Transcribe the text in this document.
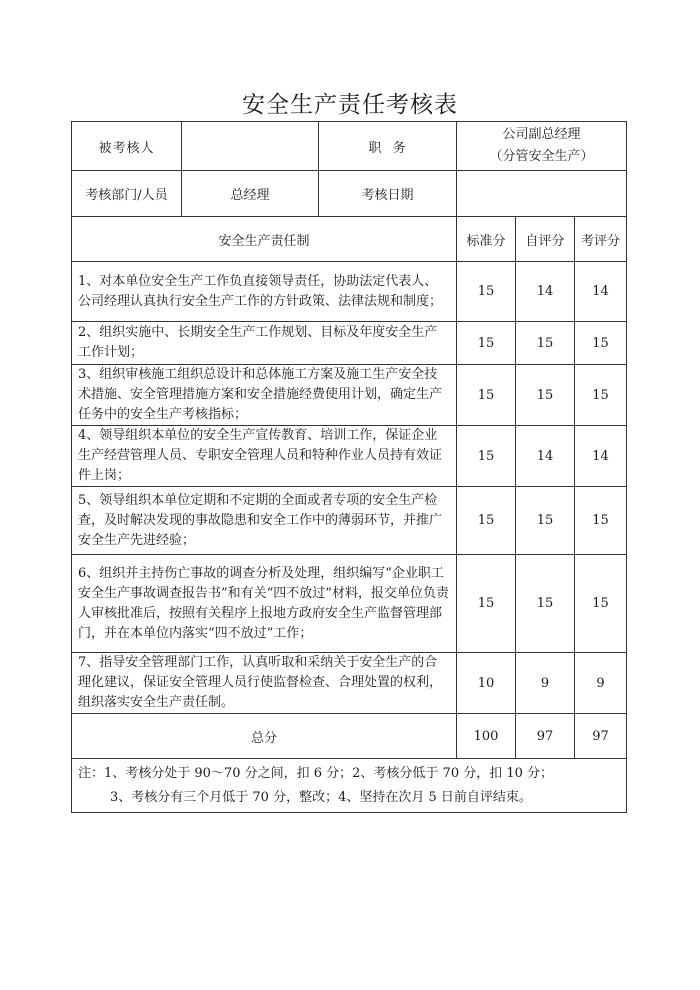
安全生产责任考核表
被考核人		职  务	公司副总经理
（分管安全生产）		

考核部门/人员	总经理	考核日期			
安全生产责任制			标准分	自评分	考评分
1、对本单位安全生产工作负直接领导责任，协助法定代表人、公司经理认真执行安全生产工作的方针政策、法律法规和制度；			15	14	14
2、组织实施中、长期安全生产工作规划、目标及年度安全生产工作计划；			15	15	15
3、组织审核施工组织总设计和总体施工方案及施工生产安全技术措施、安全管理措施方案和安全措施经费使用计划，确定生产任务中的安全生产考核指标；			15	15	15
4、领导组织本单位的安全生产宣传教育、培训工作，保证企业生产经营管理人员、专职安全管理人员和特种作业人员持有效证件上岗；			15	14	14
5、领导组织本单位定期和不定期的全面或者专项的安全生产检查，及时解决发现的事故隐患和安全工作中的薄弱环节，并推广安全生产先进经验；			15	15	15
6、组织并主持伤亡事故的调查分析及处理，组织编写“企业职工安全生产事故调查报告书”和有关“四不放过”材料，报交单位负责人审核批准后，按照有关程序上报地方政府安全生产监督管理部门，并在本单位内落实“四不放过”工作；			15	15	15
7、指导安全管理部门工作，认真听取和采纳关于安全生产的合理化建议，保证安全管理人员行使监督检查、合理处置的权利，组织落实安全生产责任制。			10	9	9
总分			100	97	97

注：1、考核分处于 90～70 分之间，扣 6 分；2、考核分低于 70 分，扣 10 分；
3、考核分有三个月低于 70 分，整改；4、坚持在次月 5 日前自评结束。					
